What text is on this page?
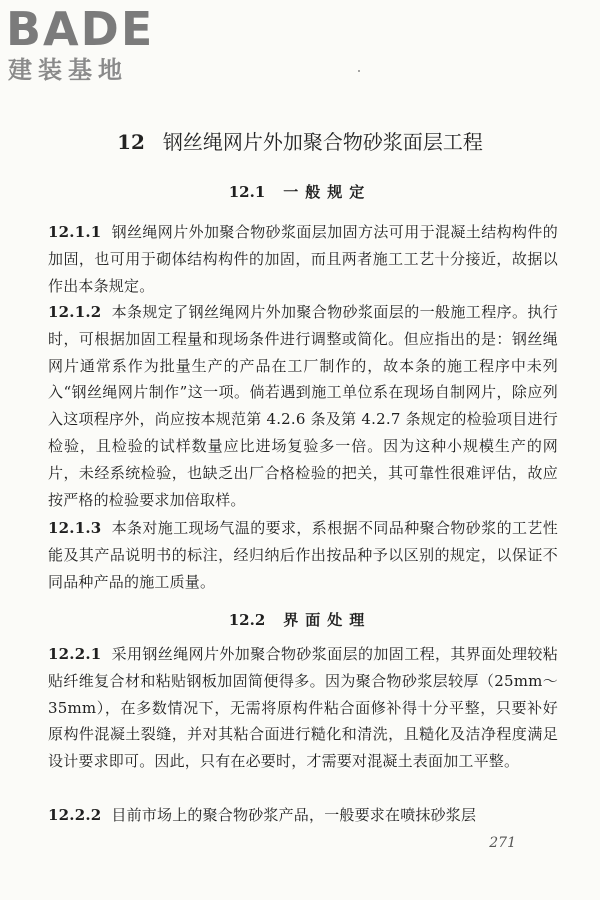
BADE
建装基地
12 钢丝绳网片外加聚合物砂浆面层工程
12.1 一般规定
12.1.1 钢丝绳网片外加聚合物砂浆面层加固方法可用于混凝土结构构件的加固，也可用于砌体结构构件的加固，而且两者施工工艺十分接近，故据以作出本条规定。
12.1.2 本条规定了钢丝绳网片外加聚合物砂浆面层的一般施工程序。执行时，可根据加固工程量和现场条件进行调整或简化。但应指出的是：钢丝绳网片通常系作为批量生产的产品在工厂制作的，故本条的施工程序中未列入“钢丝绳网片制作”这一项。倘若遇到施工单位系在现场自制网片，除应列入这项程序外，尚应按本规范第 4.2.6 条及第 4.2.7 条规定的检验项目进行检验，且检验的试样数量应比进场复验多一倍。因为这种小规模生产的网片，未经系统检验，也缺乏出厂合格检验的把关，其可靠性很难评估，故应按严格的检验要求加倍取样。
12.1.3 本条对施工现场气温的要求，系根据不同品种聚合物砂浆的工艺性能及其产品说明书的标注，经归纳后作出按品种予以区别的规定，以保证不同品种产品的施工质量。
12.2 界面处理
12.2.1 采用钢丝绳网片外加聚合物砂浆面层的加固工程，其界面处理较粘贴纤维复合材和粘贴钢板加固简便得多。因为聚合物砂浆层较厚（25mm～35mm），在多数情况下，无需将原构件粘合面修补得十分平整，只要补好原构件混凝土裂缝，并对其粘合面进行糙化和清洗，且糙化及洁净程度满足设计要求即可。因此，只有在必要时，才需要对混凝土表面加工平整。
12.2.2 目前市场上的聚合物砂浆产品，一般要求在喷抹砂浆层
271
